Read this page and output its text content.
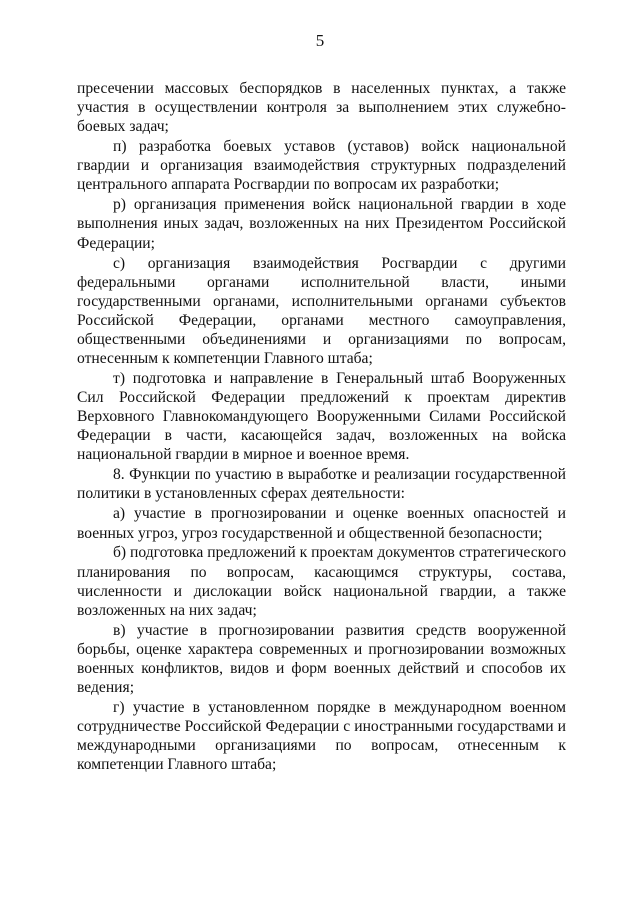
5

пресечении массовых беспорядков в населенных пунктах, а также участия в осуществлении контроля за выполнением этих служебно-боевых задач;

п) разработка боевых уставов (уставов) войск национальной гвардии и организация взаимодействия структурных подразделений центрального аппарата Росгвардии по вопросам их разработки;

р) организация применения войск национальной гвардии в ходе выполнения иных задач, возложенных на них Президентом Российской Федерации;

с) организация взаимодействия Росгвардии с другими федеральными органами исполнительной власти, иными государственными органами, исполнительными органами субъектов Российской Федерации, органами местного самоуправления, общественными объединениями и организациями по вопросам, отнесенным к компетенции Главного штаба;

т) подготовка и направление в Генеральный штаб Вооруженных Сил Российской Федерации предложений к проектам директив Верховного Главнокомандующего Вооруженными Силами Российской Федерации в части, касающейся задач, возложенных на войска национальной гвардии в мирное и военное время.

8. Функции по участию в выработке и реализации государственной политики в установленных сферах деятельности:

а) участие в прогнозировании и оценке военных опасностей и военных угроз, угроз государственной и общественной безопасности;

б) подготовка предложений к проектам документов стратегического планирования по вопросам, касающимся структуры, состава, численности и дислокации войск национальной гвардии, а также возложенных на них задач;

в) участие в прогнозировании развития средств вооруженной борьбы, оценке характера современных и прогнозировании возможных военных конфликтов, видов и форм военных действий и способов их ведения;

г) участие в установленном порядке в международном военном сотрудничестве Российской Федерации с иностранными государствами и международными организациями по вопросам, отнесенным к компетенции Главного штаба;
